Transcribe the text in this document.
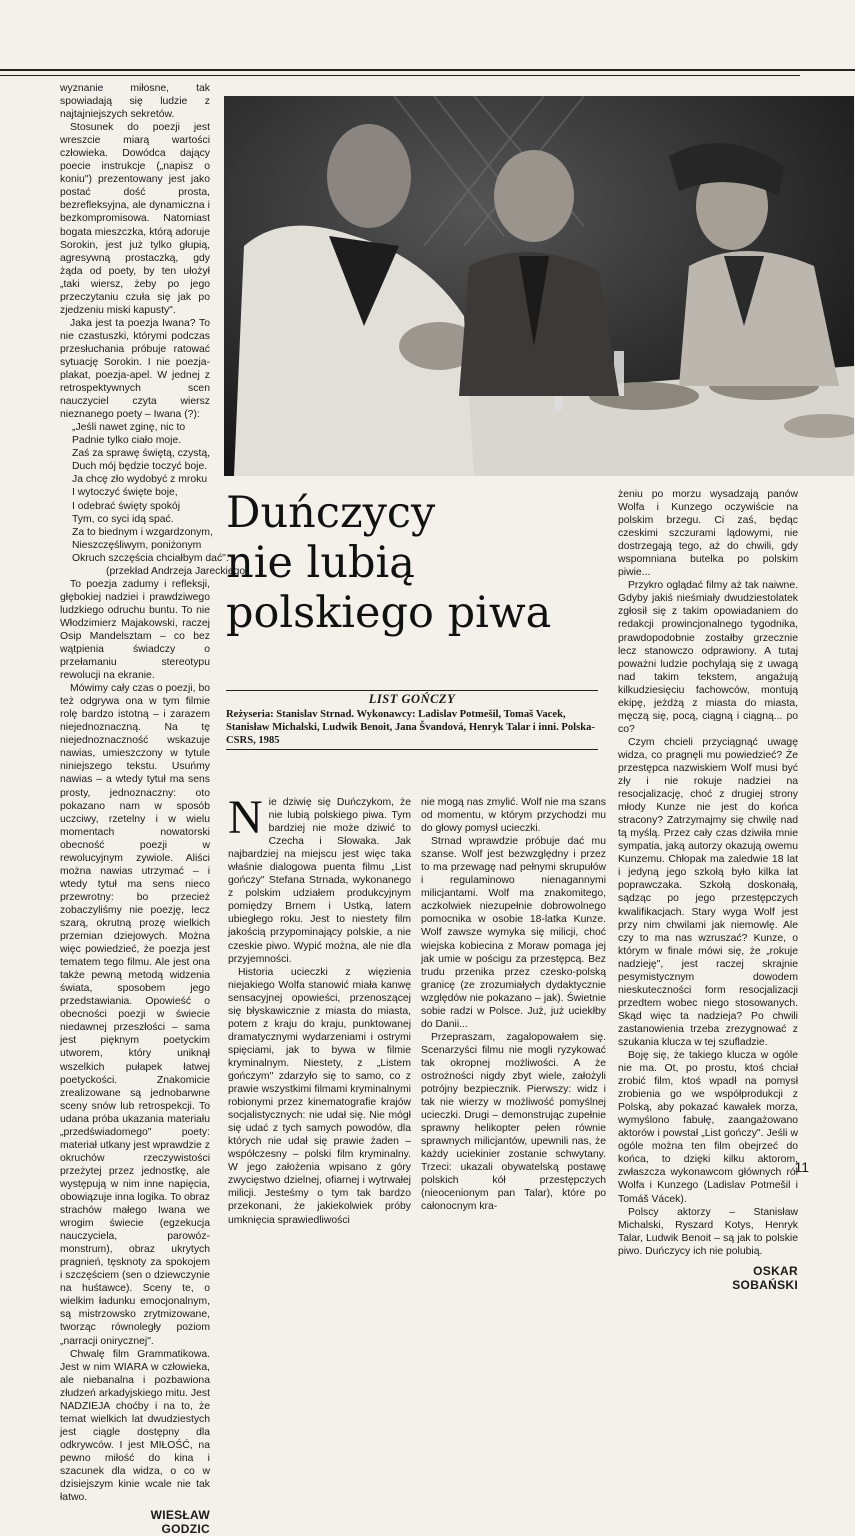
wyznanie miłosne, tak spowiadają się ludzie z najtajniejszych sekretów.

Stosunek do poezji jest wreszcie miarą wartości człowieka. Dowódca dający poecie instrukcje („napisz o koniu") prezentowany jest jako postać dość prosta, bezrefleksyjna, ale dynamiczna i bezkompromisowa. Natomiast bogata mieszczka, którą adoruje Sorokin, jest już tylko głupią, agresywną prostaczką, gdy żąda od poety, by ten ułożył „taki wiersz, żeby po jego przeczytaniu czuła się jak po zjedzeniu miski kapusty".

Jaka jest ta poezja Iwana? To nie czastuszki, którymi podczas przesłuchania próbuje ratować sytuację Sorokin. I nie poezja-plakat, poezja-apel. W jednej z retrospektywnych scen nauczyciel czyta wiersz nieznanego poety – Iwana (?):

„Jeśli nawet zginę, nic to
Padnie tylko ciało moje.
Zaś za sprawę świętą, czystą,
Duch mój będzie toczyć boje.
Ja chcę zło wydobyć z mroku
I wytoczyć święte boje,
I odebrać święty spokój
Tym, co syci idą spać.
Za to biednym i wzgardzonym,
Nieszczęśliwym, poniżonym
Okruch szczęścia chciałbym dać".
(przekład Andrzeja Jareckiego)

To poezja zadumy i refleksji, głębokiej nadziei i prawdziwego ludzkiego odruchu buntu. To nie Włodzimierz Majakowski, raczej Osip Mandelsztam – co bez wątpienia świadczy o przełamaniu stereotypu rewolucji na ekranie.

Mówimy cały czas o poezji, bo też odgrywa ona w tym filmie rolę bardzo istotną – i zarazem niejednoznaczną. Na tę niejednoznaczność wskazuje nawias, umieszczony w tytule niniejszego tekstu. Usuńmy nawias – a wtedy tytuł ma sens prosty, jednoznaczny: oto pokazano nam w sposób uczciwy, rzetelny i w wielu momentach nowatorski obecność poezji w rewolucyjnym zywiole. Aliści można nawias utrzymać – i wtedy tytuł ma sens nieco przewrotny: bo przecież zobaczyliśmy nie poezję, lecz szarą, okrutną prozę wielkich przemian dziejowych. Można więc powiedzieć, że poezja jest tematem tego filmu. Ale jest ona także pewną metodą widzenia świata, sposobem jego przedstawiania. Opowieść o obecności poezji w świecie niedawnej przeszłości – sama jest pięknym poetyckim utworem, który uniknął wszelkich pułapek łatwej poetyckości. Znakomicie zrealizowane są jednobarwne sceny snów lub retrospekcji. To udana próba ukazania materiału „przedświadomego" poety: materiał utkany jest wprawdzie z okruchów rzeczywistości przeżytej przez jednostkę, ale występują w nim inne napięcia, obowiązuje inna logika. To obraz strachów małego Iwana we wrogim świecie (egzekucja nauczyciela, parowóz-monstrum), obraz ukrytych pragnień, tęsknoty za spokojem i szczęściem (sen o dziewczynie na huśtawce). Sceny te, o wielkim ładunku emocjonalnym, są mistrzowsko zrytmizowane, tworząc równoległy poziom „narracji onirycznej".

Chwalę film Grammatikowa. Jest w nim WIARA w człowieka, ale niebanalna i pozbawiona złudzeń arkadyjskiego mitu. Jest NADZIEJA choćby i na to, że temat wielkich lat dwudziestych jest ciągle dostępny dla odkrywców. I jest MIŁOŚĆ, na pewno miłość do kina i szacunek dla widza, o co w dzisiejszym kinie wcale nie tak łatwo.

WIESŁAW
GODZIC
Duńczycy
nie lubią
polskiego piwa
LIST GOŃCZY
Reżyseria: Stanislav Strnad. Wykonawcy: Ladislav Potmešil, Tomaš Vacek, Stanisław Michalski, Ludwik Benoit, Jana Švandová, Henryk Talar i inni. Polska-CSRS, 1985
N ie dziwię się Duńczykom, że nie lubią polskiego piwa. Tym bardziej nie może dziwić to Czecha i Słowaka. Jak najbardziej na miejscu jest więc taka właśnie dialogowa puenta filmu „List gończy" Stefana Strnada, wykonanego z polskim udziałem produkcyjnym pomiędzy Brnem i Ustką, latem ubiegłego roku. Jest to niestety film jakością przypominający polskie, a nie czeskie piwo. Wypić można, ale nie dla przyjemności.

Historia ucieczki z więzienia niejakiego Wolfa stanowić miała kanwę sensacyjnej opowieści, przenoszącej się błyskawicznie z miasta do miasta, potem z kraju do kraju, punktowanej dramatycznymi wydarzeniami i ostrymi spięciami, jak to bywa w filmie kryminalnym. Niestety, z „Listem gończym" zdarzyło się to samo, co z prawie wszystkimi filmami kryminalnymi robionymi przez kinematografie krajów socjalistycznych: nie udał się. Nie mógł się udać z tych samych powodów, dla których nie udał się prawie żaden – współczesny – polski film kryminalny. W jego założenia wpisano z góry zwycięstwo dzielnej, ofiarnej i wytrwałej milicji. Jesteśmy o tym tak bardzo przekonani, że jakiekolwiek próby umknięcia sprawiedliwości

nie mogą nas zmylić. Wolf nie ma szans od momentu, w którym przychodzi mu do głowy pomysł ucieczki.

Strnad wprawdzie próbuje dać mu szanse. Wolf jest bezwzględny i przez to ma przewagę nad pełnymi skrupułów i regulaminowo nienagannymi milicjantami. Wolf ma znakomitego, aczkolwiek niezupełnie dobrowolnego pomocnika w osobie 18-latka Kunze. Wolf zawsze wymyka się milicji, choć wiejska kobiecina z Moraw pomaga jej jak umie w pościgu za przestępcą. Bez trudu przenika przez czesko-polską granicę (ze zrozumiałych dydaktycznie względów nie pokazano – jak). Świetnie sobie radzi w Polsce. Już, już uciekłby do Danii...

Przepraszam, zagalopowałem się. Scenarzyści filmu nie mogli ryzykować tak okropnej możliwości. A że ostrożności nigdy zbyt wiele, założyli potrójny bezpiecznik. Pierwszy: widz i tak nie wierzy w możliwość pomyślnej ucieczki. Drugi – demonstrując zupełnie sprawny helikopter pełen równie sprawnych milicjantów, upewnili nas, że każdy uciekinier zostanie schwytany. Trzeci: ukazali obywatelską postawę polskich kół przestępczych (nieocenionym pan Talar), które po całonocnym kra-

żeniu po morzu wysadzają panów Wolfa i Kunzego oczywiście na polskim brzegu. Ci zaś, będąc czeskimi szczurami lądowymi, nie dostrzegają tego, aż do chwili, gdy wspomniana butelka po polskim piwie...

Przykro oglądać filmy aż tak naiwne. Gdyby jakiś nieśmiały dwudziestolatek zgłosił się z takim opowiadaniem do redakcji prowincjonalnego tygodnika, prawdopodobnie zostałby grzecznie lecz stanowczo odprawiony. A tutaj poważni ludzie pochylają się z uwagą nad takim tekstem, angażują kilkudziesięciu fachowców, montują ekipę, jeżdżą z miasta do miasta, męczą się, pocą, ciągną i ciągną... po co?

Czym chcieli przyciągnąć uwagę widza, co pragnęli mu powiedzieć? Że przestępca nazwiskiem Wolf musi być zły i nie rokuje nadziei na resocjalizację, choć z drugiej strony młody Kunze nie jest do końca stracony? Zatrzymajmy się chwilę nad tą myślą. Przez cały czas dziwiła mnie sympatia, jaką autorzy okazują owemu Kunzemu. Chłopak ma zaledwie 18 lat i jedyną jego szkołą było kilka lat poprawczaka. Szkołą doskonałą, sądząc po jego przestępczych kwalifikacjach. Stary wyga Wolf jest przy nim chwilami jak niemowlę. Ale czy to ma nas wzruszać? Kunze, o którym w finale mówi się, że „rokuje nadzieję", jest raczej skrajnie pesymistycznym dowodem nieskuteczności form resocjalizacji przedtem wobec niego stosowanych. Skąd więc ta nadzieja? Po chwili zastanowienia trzeba zrezygnować z szukania klucza w tej szufladzie.

Boję się, że takiego klucza w ogóle nie ma. Ot, po prostu, ktoś chciał zrobić film, ktoś wpadł na pomysł zrobienia go we współprodukcji z Polską, aby pokazać kawałek morza, wymyślono fabułę, zaangażowano aktorów i powstał „List gończy". Jeśli w ogóle można ten film obejrzeć do końca, to dzięki kilku aktorom, zwłaszcza wykonawcom głównych ról Wolfa i Kunzego (Ladislav Potmešil i Tomáš Vácek).

Polscy aktorzy – Stanisław Michalski, Ryszard Kotys, Henryk Talar, Ludwik Benoit – są jak to polskie piwo. Duńczycy ich nie polubią.

OSKAR
SOBAŃSKI
11
